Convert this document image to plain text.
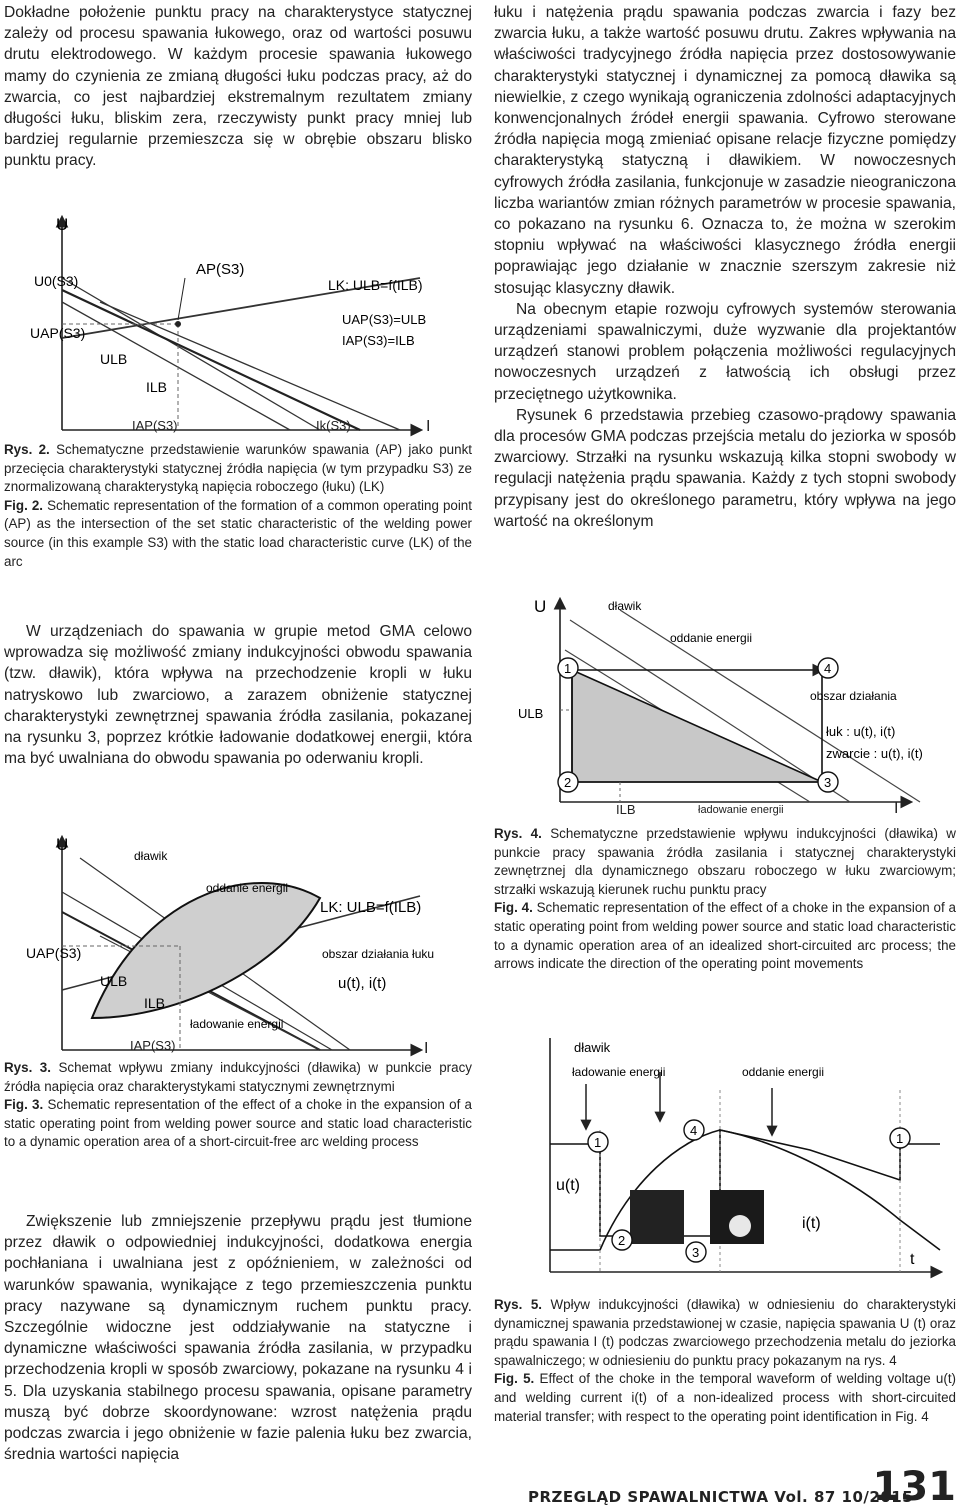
Dokładne położenie punktu pracy na charakterystyce statycznej zależy od procesu spawania łukowego, oraz od wartości posuwu drutu elektrodowego. W każdym procesie spawania łukowego mamy do czynienia ze zmianą długości łuku podczas pracy, aż do zwarcia, co jest najbardziej ekstremalnym rezultatem zmiany długości łuku, bliskim zera, rzeczywisty punkt pracy mniej lub bardziej regularnie przemieszcza się w obrębie obszaru blisko punktu pracy.

U
U0(S3)
UAP(S3)
ULB
ILB
AP(S3)
LK: ULB=f(ILB)
UAP(S3)=ULB
IAP(S3)=ILB
IAP(S3)	Ik(S3)	I

Rys. 2. Schematyczne przedstawienie warunków spawania (AP) jako punkt przecięcia charakterystyki statycznej źródła napięcia (w tym przypadku S3) ze znormalizowaną charakterystyką napięcia roboczego (łuku) (LK)

Fig. 2. Schematic representation of the formation of a common operating point (AP) as the intersection of the set static characteristic of the welding power source (in this example S3) with the static load characteristic curve (LK) of the arc

W urządzeniach do spawania w grupie metod GMA celowo wprowadza się możliwość zmiany indukcyjności obwodu spawania (tzw. dławik), która wpływa na przechodzenie kropli w łuku natryskowo lub zwarciowo, a zarazem obniżenie statycznej charakterystyki zewnętrznej spawania źródła zasilania, pokazanej na rysunku 3, poprzez krótkie ładowanie dodatkowej energii, która ma być uwalniana do obwodu spawania po oderwaniu kropli.

U
dławik
oddanie energii
LK: ULB=f(ILB)
UAP(S3)	obszar działania łuku
u(t), i(t)
ULB
ILB
ładowanie energii
IAP(S3)	I

Rys. 3. Schemat wpływu zmiany indukcyjności (dławika) w punkcie pracy źródła napięcia oraz charakterystykami statycznymi zewnętrznymi

Fig. 3. Schematic representation of the effect of a choke in the expansion of a static operating point from welding power source and static load characteristic to a dynamic operation area of a short-circuit-free arc welding process

Zwiększenie lub zmniejszenie przepływu prądu jest tłumione przez dławik o odpowiedniej indukcyjności, dodatkowa energia pochłaniana i uwalniana jest z opóźnieniem, w zależności od warunków spawania, wynikające z tego przemieszczenia punktu pracy nazywane są dynamicznym ruchem punktu pracy. Szczególnie widoczne jest oddziaływanie na statyczne i dynamiczne właściwości spawania źródła zasilania, w przypadku przechodzenia kropli w sposób zwarciowy, pokazane na rysunku 4 i 5. Dla uzyskania stabilnego procesu spawania, opisane parametry muszą być dobrze skoordynowane: wzrost natężenia prądu podczas zwarcia i jego obniżenie w fazie palenia łuku bez zwarcia, średnia wartości napięcia

łuku i natężenia prądu spawania podczas zwarcia i fazy bez zwarcia łuku, a także wartość posuwu drutu. Zakres wpływania na właściwości tradycyjnego źródła napięcia przez dostosowywanie charakterystyki statycznej i dynamicznej za pomocą dławika są niewielkie, z czego wynikają ograniczenia zdolności adaptacyjnych konwencjonalnych źródeł energii spawania. Cyfrowo sterowane źródła napięcia mogą zmieniać opisane relacje fizyczne pomiędzy charakterystyką statyczną i dławikiem. W nowoczesnych cyfrowych źródła zasilania, funkcjonuje w zasadzie nieograniczona liczba wariantów zmian różnych parametrów w procesie spawania, co pokazano na rysunku 6. Oznacza to, że można w szerokim stopniu wpływać na właściwości klasycznego źródła energii poprawiając jego działanie w znacznie szerszym zakresie niż stosując klasyczny dławik.

Na obecnym etapie rozwoju cyfrowych systemów sterowania urządzeniami spawalniczymi, duże wyzwanie dla projektantów urządzeń stanowi problem połączenia możliwości regulacyjnych nowoczesnych urządzeń z łatwością ich obsługi przez przeciętnego użytkownika.

Rysunek 6 przedstawia przebieg czasowo-prądowy spawania dla procesów GMA podczas przejścia metalu do jeziorka w sposób zwarciowy. Strzałki na rysunku wskazują kilka stopni swobody w regulacji natężenia prądu spawania. Każdy z tych stopni swobody przypisany jest do określonego parametru, który wpływa na jego wartość na określonym

U	dławik
oddanie energii
obszar działania
łuk : u(t), i(t)
zwarcie : u(t), i(t)
ULB
1	4
2	3
ILB	ładowanie energii	I

Rys. 4. Schematyczne przedstawienie wpływu indukcyjności (dławika) w punkcie pracy spawania źródła zasilania i statycznej charakterystyki zewnętrznej dla dynamicznego obszaru roboczego w łuku zwarciowym; strzałki wskazują kierunek ruchu punktu pracy

Fig. 4. Schematic representation of the effect of a choke in the expansion of a static operating point from welding power source and static load characteristic to a dynamic operation area of an idealized short-circuited arc process; the arrows indicate the direction of the operating point movements

dławik
ładowanie energii	oddanie energii
u(t)
i(t)
t
1
4
1
2
3

Rys. 5. Wpływ indukcyjności (dławika) w odniesieniu do charakterystyki dynamicznej spawania przedstawionej w czasie, napięcia spawania U (t) oraz prądu spawania I (t) podczas zwarciowego przechodzenia metalu do jeziorka spawalniczego; w odniesieniu do punktu pracy pokazanym na rys. 4

Fig. 5. Effect of the choke in the temporal waveform of welding voltage u(t) and welding current i(t) of a non-idealized process with short-circuited material transfer; with respect to the operating point identification in Fig. 4

PRZEGLĄD SPAWALNICTWA Vol. 87 10/2015
131
